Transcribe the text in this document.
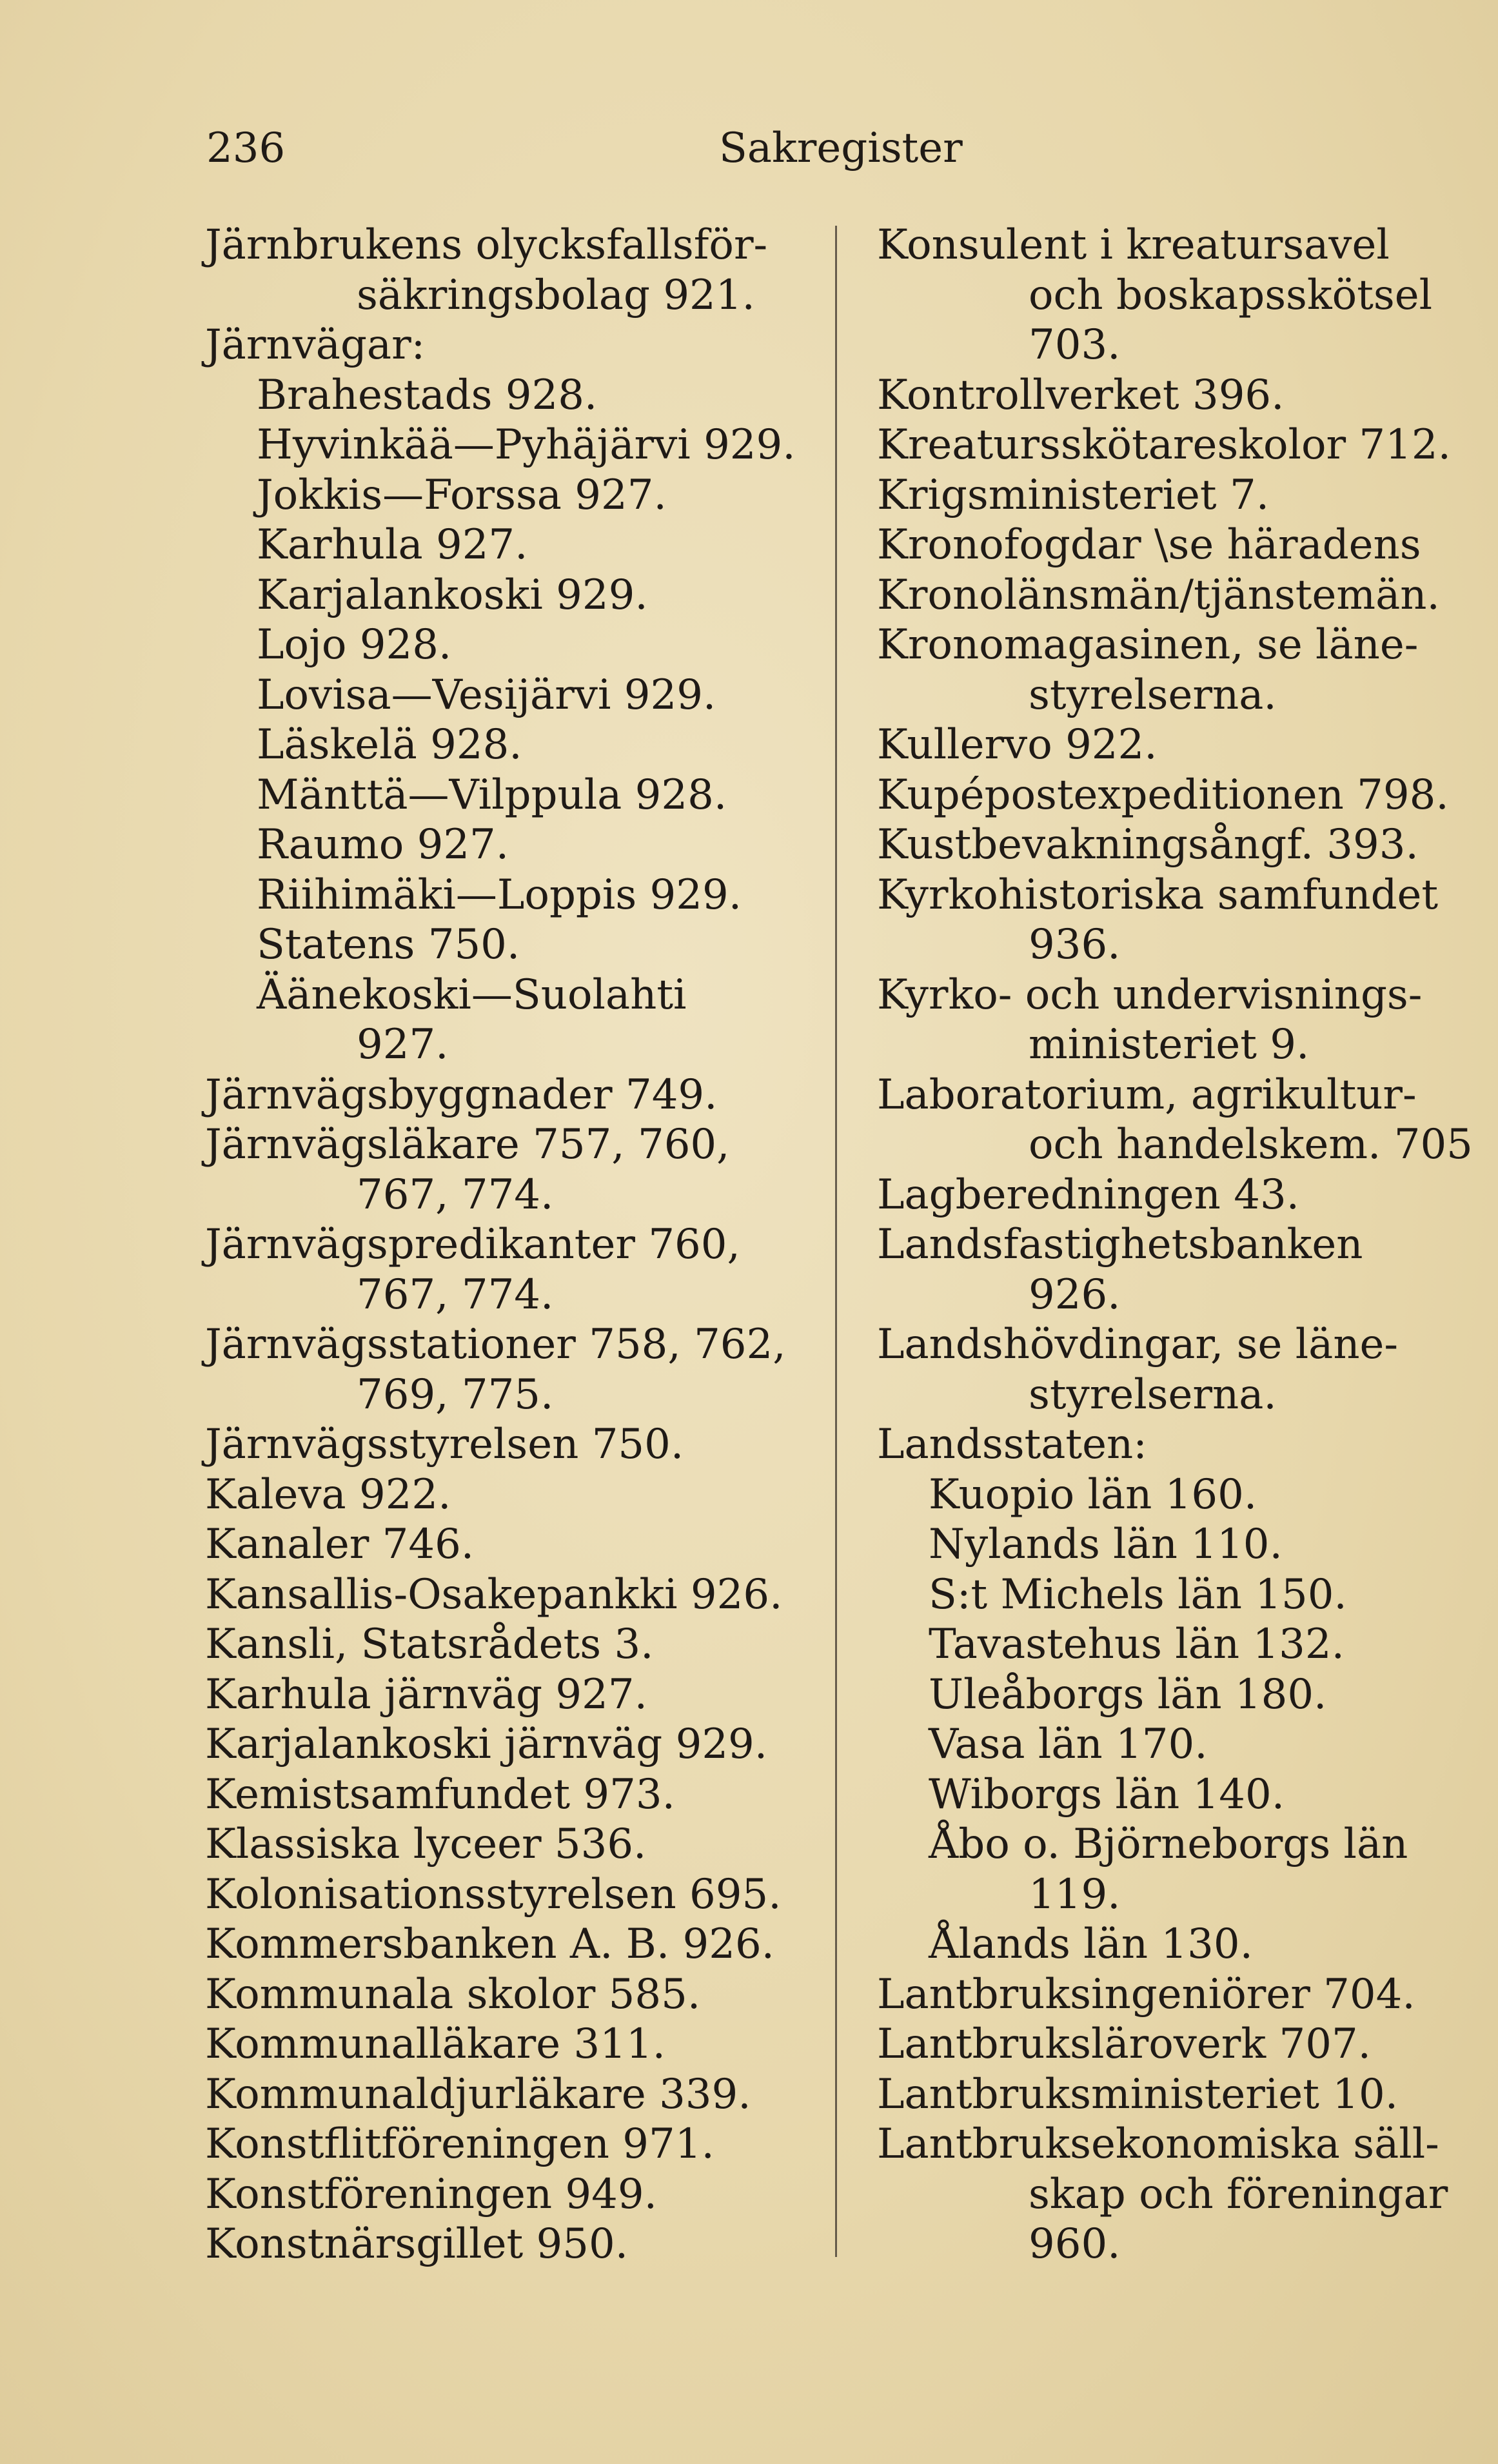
236	Sakregister
Järnbrukens olycksfallsför-
säkringsbolag 921.
Järnvägar:
Brahestads 928.
Hyvinkää—Pyhäjärvi 929.
Jokkis—Forssa 927.
Karhula 927.
Karjalankoski 929.
Lojo 928.
Lovisa—Vesijärvi 929.
Läskelä 928.
Mänttä—Vilppula 928.
Raumo 927.
Riihimäki—Loppis 929.
Statens 750.
Äänekoski—Suolahti
927.
Järnvägsbyggnader 749.
Järnvägsläkare 757, 760,
767, 774.
Järnvägspredikanter 760,
767, 774.
Järnvägsstationer 758, 762,
769, 775.
Järnvägsstyrelsen 750.
Kaleva 922.
Kanaler 746.
Kansallis-Osakepankki 926.
Kansli, Statsrådets 3.
Karhula järnväg 927.
Karjalankoski järnväg 929.
Kemistsamfundet 973.
Klassiska lyceer 536.
Kolonisationsstyrelsen 695.
Kommersbanken A. B. 926.
Kommunala skolor 585.
Kommunalläkare 311.
Kommunaldjurläkare 339.
Konstflitföreningen 971.
Konstföreningen 949.
Konstnärsgillet 950.
Konsulent i kreatursavel
och boskapsskötsel
703.
Kontrollverket 396.
Kreatursskötareskolor 712.
Krigsministeriet 7.
Kronofogdar \se häradens
Kronolänsmän/tjänstemän.
Kronomagasinen, se läne-
styrelserna.
Kullervo 922.
Kupépostexpeditionen 798.
Kustbevakningsångf. 393.
Kyrkohistoriska samfundet
936.
Kyrko- och undervisnings-
ministeriet 9.
Laboratorium, agrikultur-
och handelskem. 705
Lagberedningen 43.
Landsfastighetsbanken
926.
Landshövdingar, se läne-
styrelserna.
Landsstaten:
Kuopio län 160.
Nylands län 110.
S:t Michels län 150.
Tavastehus län 132.
Uleåborgs län 180.
Vasa län 170.
Wiborgs län 140.
Åbo o. Björneborgs län
119.
Ålands län 130.
Lantbruksingeniörer 704.
Lantbrukslärоverk 707.
Lantbruksministeriet 10.
Lantbruksekonomiska säll-
skap och föreningar
960.
